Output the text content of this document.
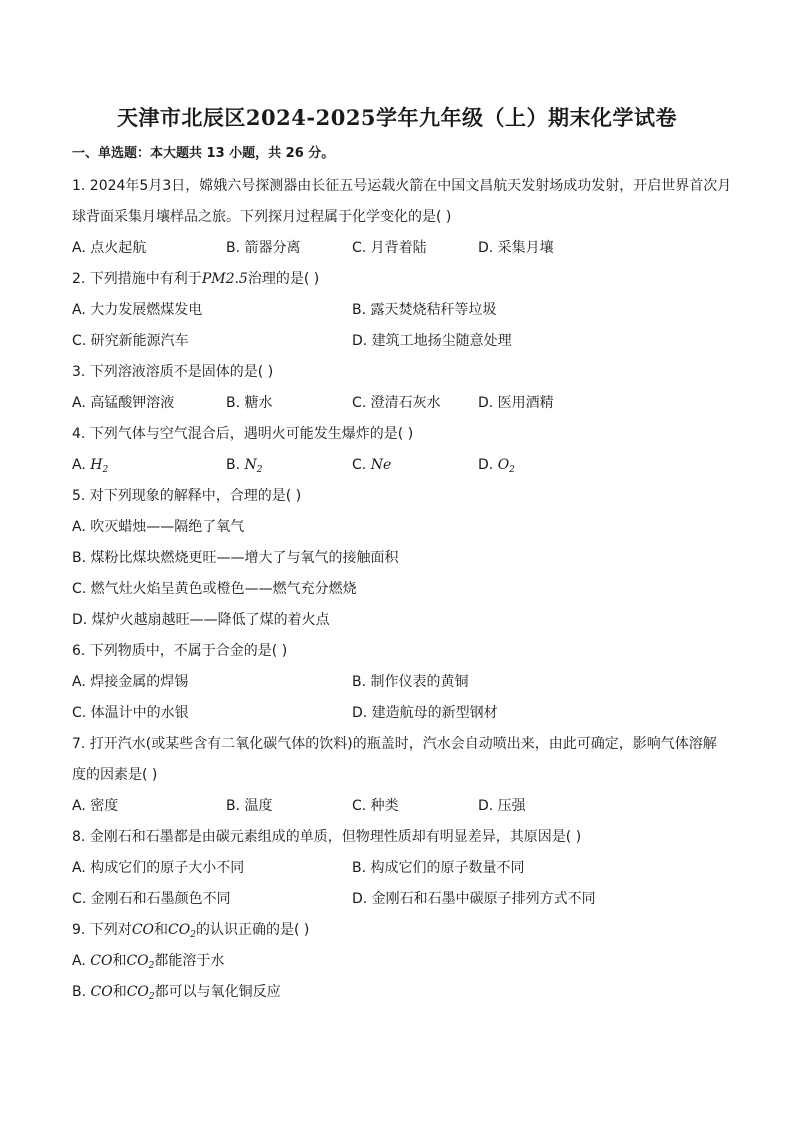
天津市北辰区2024-2025学年九年级（上）期末化学试卷
一、单选题：本大题共 13 小题，共 26 分。
1. 2024年5月3日，嫦娥六号探测器由长征五号运载火箭在中国文昌航天发射场成功发射，开启世界首次月
球背面采集月壤样品之旅。下列探月过程属于化学变化的是( )
A. 点火起航	B. 箭器分离	C. 月背着陆	D. 采集月壤
2. 下列措施中有利于PM2.5治理的是( )
A. 大力发展燃煤发电	B. 露天焚烧秸秆等垃圾
C. 研究新能源汽车	D. 建筑工地扬尘随意处理
3. 下列溶液溶质不是固体的是( )
A. 高锰酸钾溶液	B. 糖水	C. 澄清石灰水	D. 医用酒精
4. 下列气体与空气混合后，遇明火可能发生爆炸的是( )
A. $H_2$	B. $N_2$	C. Ne	D. $O_2$
5. 对下列现象的解释中，合理的是( )
A. 吹灭蜡烛——隔绝了氧气
B. 煤粉比煤块燃烧更旺——增大了与氧气的接触面积
C. 燃气灶火焰呈黄色或橙色——燃气充分燃烧
D. 煤炉火越扇越旺——降低了煤的着火点
6. 下列物质中，不属于合金的是( )
A. 焊接金属的焊锡	B. 制作仪表的黄铜
C. 体温计中的水银	D. 建造航母的新型钢材
7. 打开汽水(或某些含有二氧化碳气体的饮料)的瓶盖时，汽水会自动喷出来，由此可确定，影响气体溶解
度的因素是( )
A. 密度	B. 温度	C. 种类	D. 压强
8. 金刚石和石墨都是由碳元素组成的单质，但物理性质却有明显差异，其原因是( )
A. 构成它们的原子大小不同	B. 构成它们的原子数量不同
C. 金刚石和石墨颜色不同	D. 金刚石和石墨中碳原子排列方式不同
9. 下列对CO和$CO_2$的认识正确的是( )
A. CO和$CO_2$都能溶于水
B. CO和$CO_2$都可以与氧化铜反应
